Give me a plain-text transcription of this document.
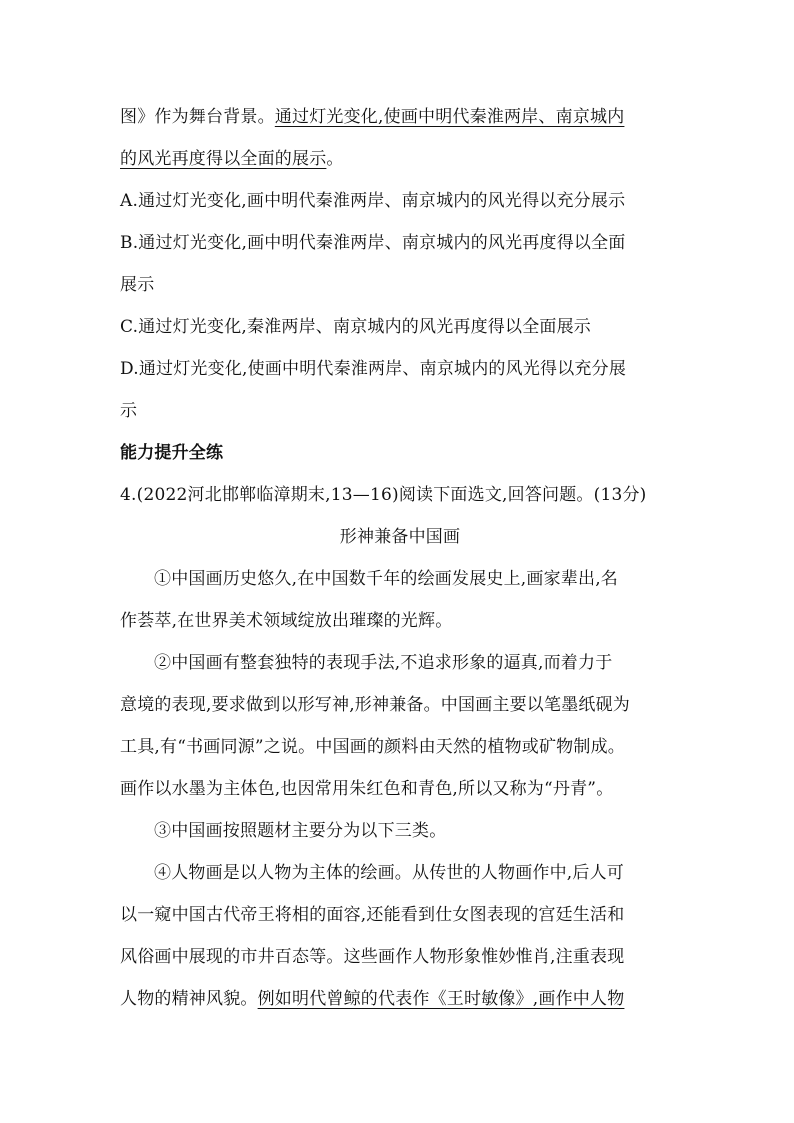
图》作为舞台背景。通过灯光变化,使画中明代秦淮两岸、南京城内
的风光再度得以全面的展示。
A.通过灯光变化,画中明代秦淮两岸、南京城内的风光得以充分展示
B.通过灯光变化,画中明代秦淮两岸、南京城内的风光再度得以全面
展示
C.通过灯光变化,秦淮两岸、南京城内的风光再度得以全面展示
D.通过灯光变化,使画中明代秦淮两岸、南京城内的风光得以充分展
示
能力提升全练
4.(2022河北邯郸临漳期末,13—16)阅读下面选文,回答问题。(13分)
形神兼备中国画
①中国画历史悠久,在中国数千年的绘画发展史上,画家辈出,名
作荟萃,在世界美术领域绽放出璀璨的光辉。
②中国画有整套独特的表现手法,不追求形象的逼真,而着力于
意境的表现,要求做到以形写神,形神兼备。中国画主要以笔墨纸砚为
工具,有“书画同源”之说。中国画的颜料由天然的植物或矿物制成。
画作以水墨为主体色,也因常用朱红色和青色,所以又称为“丹青”。
③中国画按照题材主要分为以下三类。
④人物画是以人物为主体的绘画。从传世的人物画作中,后人可
以一窥中国古代帝王将相的面容,还能看到仕女图表现的宫廷生活和
风俗画中展现的市井百态等。这些画作人物形象惟妙惟肖,注重表现
人物的精神风貌。例如明代曾鲸的代表作《王时敏像》,画作中人物
